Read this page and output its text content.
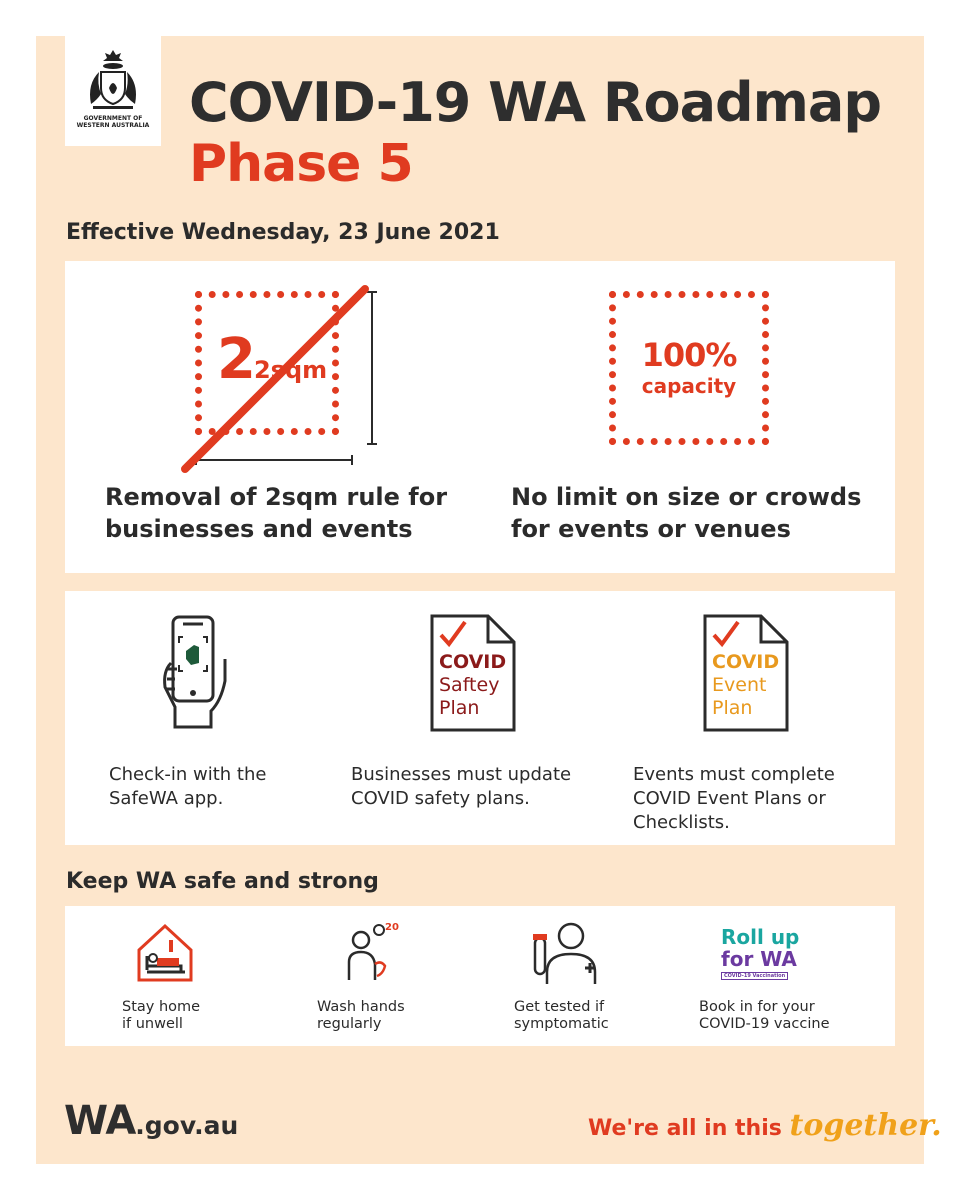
GOVERNMENT OF
WESTERN AUSTRALIA COVID-19 WA Roadmap
Phase 5
Effective Wednesday, 23 June 2021
22sqm
Removal of 2sqm rule for
businesses and events
100%
capacity
No limit on size or crowds
for events or venues
Check-in with the
SafeWA app.
COVID
Saftey
Plan
Businesses must update
COVID safety plans.
COVID
Event
Plan
Events must complete
COVID Event Plans or
Checklists.
Keep WA safe and strong
Stay home
if unwell
20
Wash hands
regularly
Get tested if
symptomatic
Roll up
for WA
COVID-19 Vaccination
Book in for your
COVID-19 vaccine
WA.gov.au	We're all in this together.
